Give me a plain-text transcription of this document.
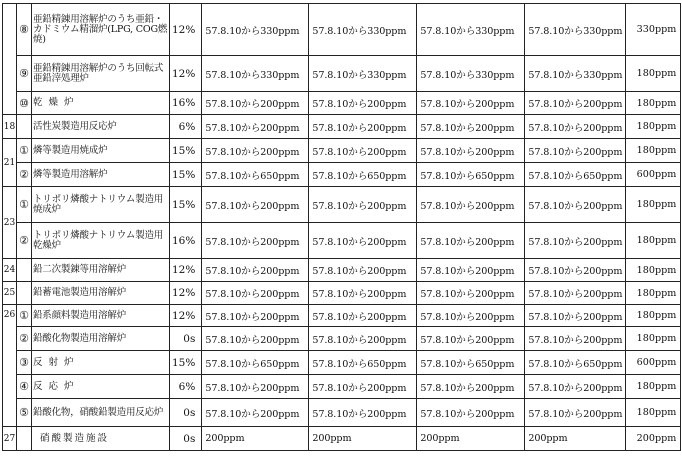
	⑧	亜鉛精錬用溶解炉のうち亜鉛・カドミウム精溜炉(LPG, COG燃焼)	12%	57.8.10から330ppm	57.8.10から330ppm	57.8.10から330ppm	57.8.10から330ppm	330ppm
	⑨	亜鉛精錬用溶解炉のうち回転式亜鉛滓処理炉	12%	57.8.10から330ppm	57.8.10から330ppm	57.8.10から330ppm	57.8.10から330ppm	180ppm
	⑩	乾燥炉	16%	57.8.10から200ppm	57.8.10から200ppm	57.8.10から200ppm	57.8.10から200ppm	180ppm
18		活性炭製造用反応炉	6%	57.8.10から200ppm	57.8.10から200ppm	57.8.10から200ppm	57.8.10から200ppm	180ppm
21	①	燐等製造用焼成炉	15%	57.8.10から200ppm	57.8.10から200ppm	57.8.10から200ppm	57.8.10から200ppm	180ppm
	②	燐等製造用溶解炉	15%	57.8.10から650ppm	57.8.10から650ppm	57.8.10から650ppm	57.8.10から650ppm	600ppm
23	①	トリポリ燐酸ナトリウム製造用焼成炉	15%	57.8.10から200ppm	57.8.10から200ppm	57.8.10から200ppm	57.8.10から200ppm	180ppm
	②	トリポリ燐酸ナトリウム製造用乾燥炉	16%	57.8.10から200ppm	57.8.10から200ppm	57.8.10から200ppm	57.8.10から200ppm	180ppm
24		鉛二次製錬等用溶解炉	12%	57.8.10から200ppm	57.8.10から200ppm	57.8.10から200ppm	57.8.10から200ppm	180ppm
25		鉛蓄電池製造用溶解炉	12%	57.8.10から200ppm	57.8.10から200ppm	57.8.10から200ppm	57.8.10から200ppm	180ppm
26	①	鉛系顔料製造用溶解炉	12%	57.8.10から200ppm	57.8.10から200ppm	57.8.10から200ppm	57.8.10から200ppm	180ppm
	②	鉛酸化物製造用溶解炉	0s	57.8.10から200ppm	57.8.10から200ppm	57.8.10から200ppm	57.8.10から200ppm	180ppm
	③	反射炉	15%	57.8.10から650ppm	57.8.10から650ppm	57.8.10から650ppm	57.8.10から650ppm	600ppm
	④	反応炉	6%	57.8.10から200ppm	57.8.10から200ppm	57.8.10から200ppm	57.8.10から200ppm	180ppm
	⑤	鉛酸化物，硝酸鉛製造用反応炉	0s	57.8.10から200ppm	57.8.10から200ppm	57.8.10から200ppm	57.8.10から200ppm	180ppm
27		硝酸製造施設	0s	200ppm	200ppm	200ppm	200ppm	200ppm
